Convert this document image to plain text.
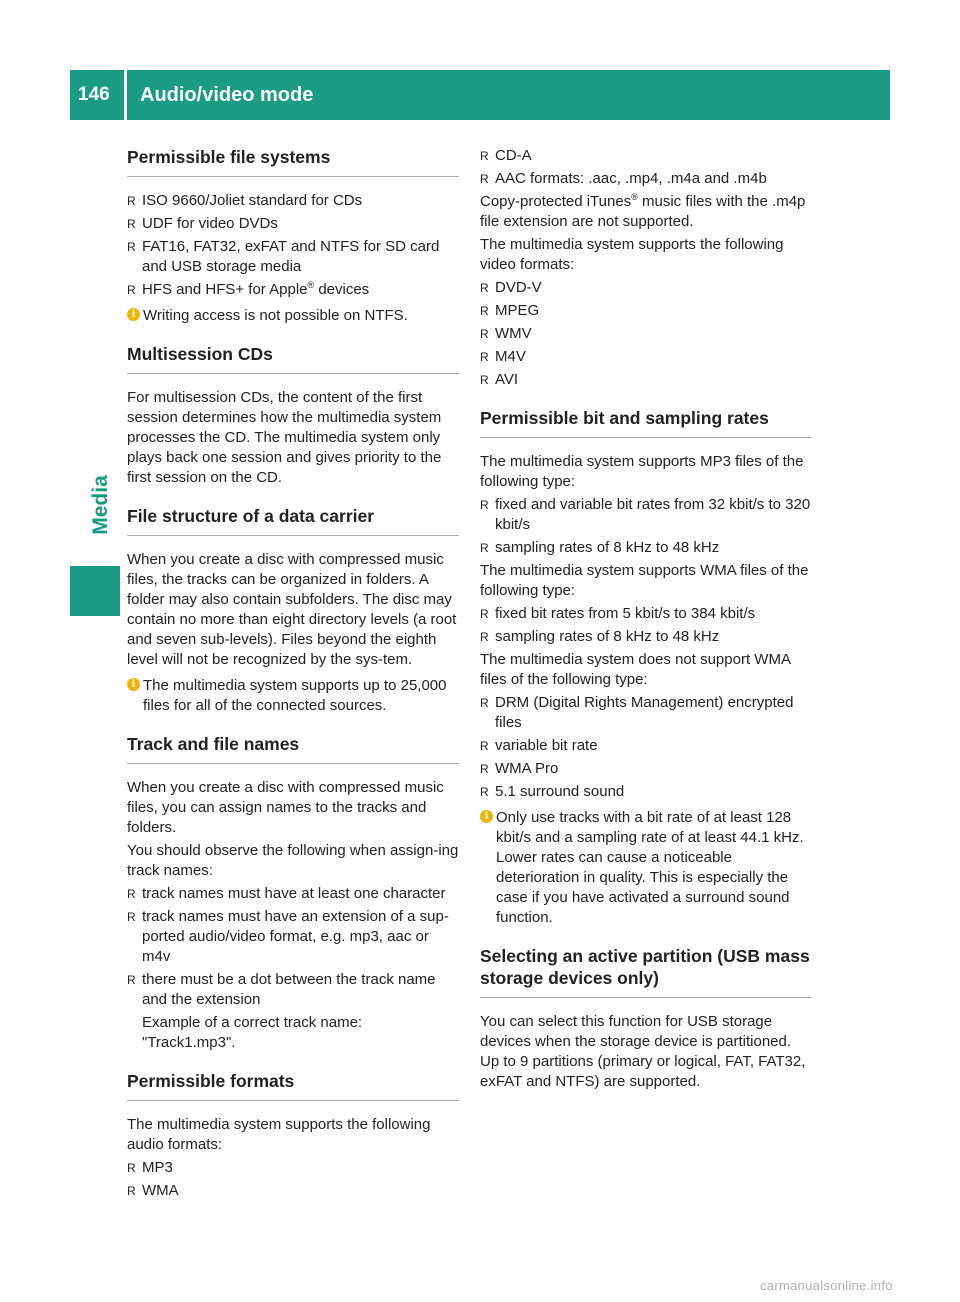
146 Audio/video mode
Media
Permissible file systems
R ISO 9660/Joliet standard for CDs
R UDF for video DVDs
R FAT16, FAT32, exFAT and NTFS for SD card and USB storage media
R HFS and HFS+ for Apple® devices
i Writing access is not possible on NTFS.
Multisession CDs

For multisession CDs, the content of the first session determines how the multimedia system processes the CD. The multimedia system only plays back one session and gives priority to the first session on the CD.

File structure of a data carrier

When you create a disc with compressed music files, the tracks can be organized in folders. A folder may also contain subfolders. The disc may contain no more than eight directory levels (a root and seven sub-levels). Files beyond the eighth level will not be recognized by the sys-tem.

i The multimedia system supports up to 25,000 files for all of the connected sources.
Track and file names

When you create a disc with compressed music files, you can assign names to the tracks and folders.

You should observe the following when assign-ing track names:

R track names must have at least one character
R track names must have an extension of a sup-ported audio/video format, e.g. mp3, aac or m4v
R there must be a dot between the track name and the extension
Example of a correct track name:
"Track1.mp3".
Permissible formats

The multimedia system supports the following audio formats:

R MP3
R WMA
R CD-A
R AAC formats: .aac, .mp4, .m4a and .m4b

Copy-protected iTunes® music files with the .m4p file extension are not supported.

The multimedia system supports the following video formats:

R DVD-V
R MPEG
R WMV
R M4V
R AVI
Permissible bit and sampling rates

The multimedia system supports MP3 files of the following type:

R fixed and variable bit rates from 32 kbit/s to 320 kbit/s
R sampling rates of 8 kHz to 48 kHz

The multimedia system supports WMA files of the following type:

R fixed bit rates from 5 kbit/s to 384 kbit/s
R sampling rates of 8 kHz to 48 kHz

The multimedia system does not support WMA files of the following type:

R DRM (Digital Rights Management) encrypted files
R variable bit rate
R WMA Pro
R 5.1 surround sound
i Only use tracks with a bit rate of at least 128 kbit/s and a sampling rate of at least 44.1 kHz. Lower rates can cause a noticeable deterioration in quality. This is especially the case if you have activated a surround sound function.
Selecting an active partition (USB mass storage devices only)

You can select this function for USB storage devices when the storage device is partitioned. Up to 9 partitions (primary or logical, FAT, FAT32, exFAT and NTFS) are supported.

carmanualsonline.info
